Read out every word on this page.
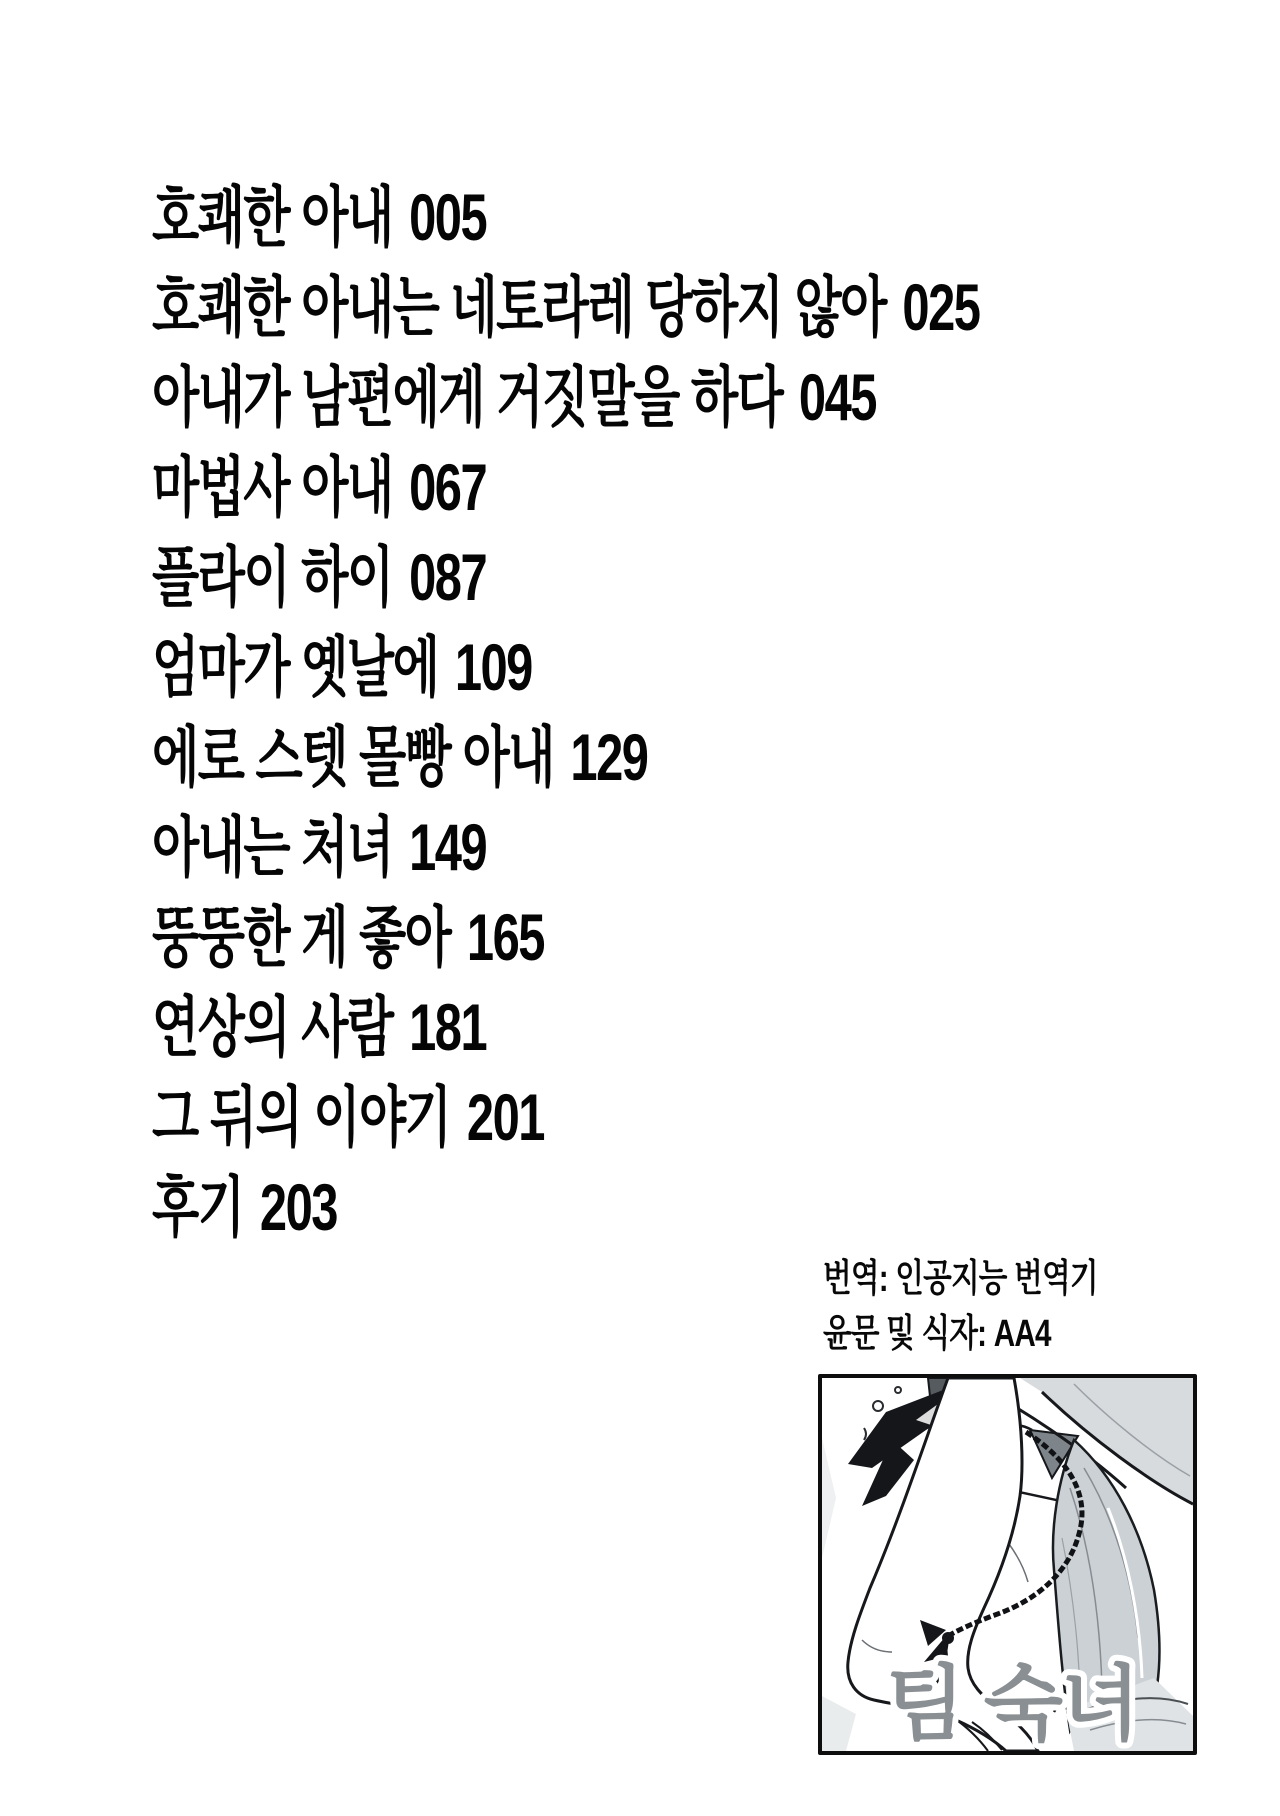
호쾌한 아내 005
호쾌한 아내는 네토라레 당하지 않아 025
아내가 남편에게 거짓말을 하다 045
마법사 아내 067
플라이 하이 087
엄마가 옛날에 109
에로 스텟 몰빵 아내 129
아내는 처녀 149
뚱뚱한 게 좋아 165
연상의 사람 181
그 뒤의 이야기 201
후기 203
번역: 인공지능 번역기
윤문 및 식자: AA4
팀 숙녀
